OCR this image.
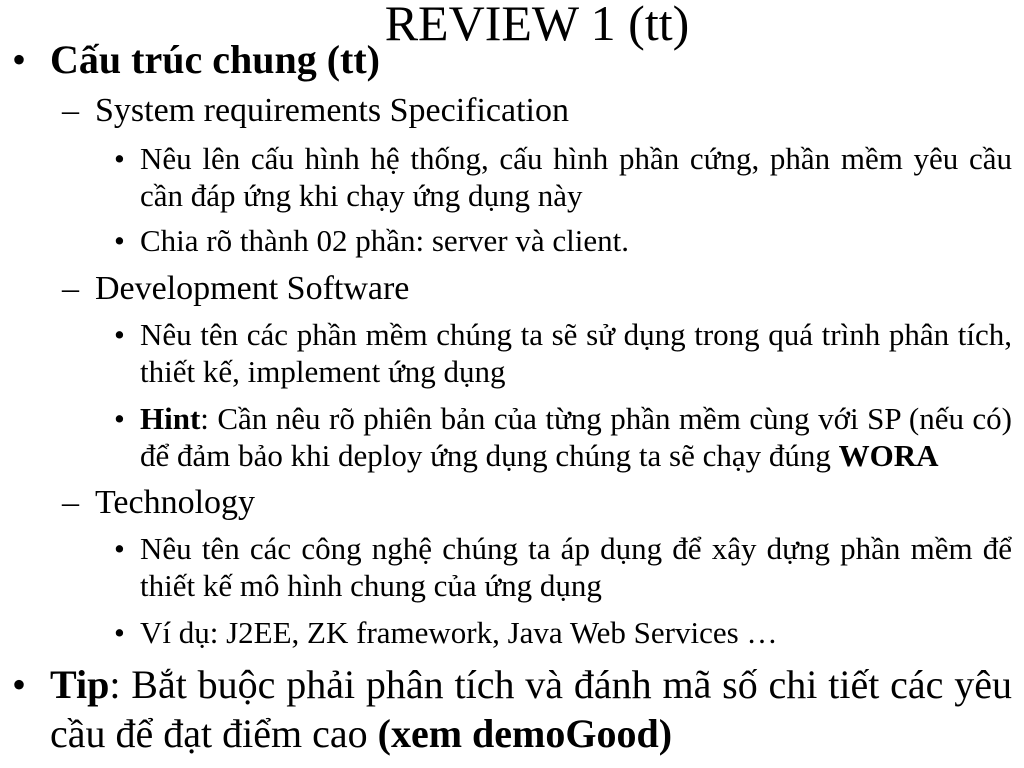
REVIEW 1 (tt)
• Cấu trúc chung (tt)
– System requirements Specification
• Nêu lên cấu hình hệ thống, cấu hình phần cứng, phần mềm yêu cầu
cần đáp ứng khi chạy ứng dụng này
• Chia rõ thành 02 phần: server và client.
– Development Software
• Nêu tên các phần mềm chúng ta sẽ sử dụng trong quá trình phân tích,
thiết kế, implement ứng dụng
• Hint: Cần nêu rõ phiên bản của từng phần mềm cùng với SP (nếu có)
để đảm bảo khi deploy ứng dụng chúng ta sẽ chạy đúng WORA
– Technology
• Nêu tên các công nghệ chúng ta áp dụng để xây dựng phần mềm để
thiết kế mô hình chung của ứng dụng
• Ví dụ: J2EE, ZK framework, Java Web Services …
• Tip: Bắt buộc phải phân tích và đánh mã số chi tiết các yêu
cầu để đạt điểm cao (xem demoGood)
